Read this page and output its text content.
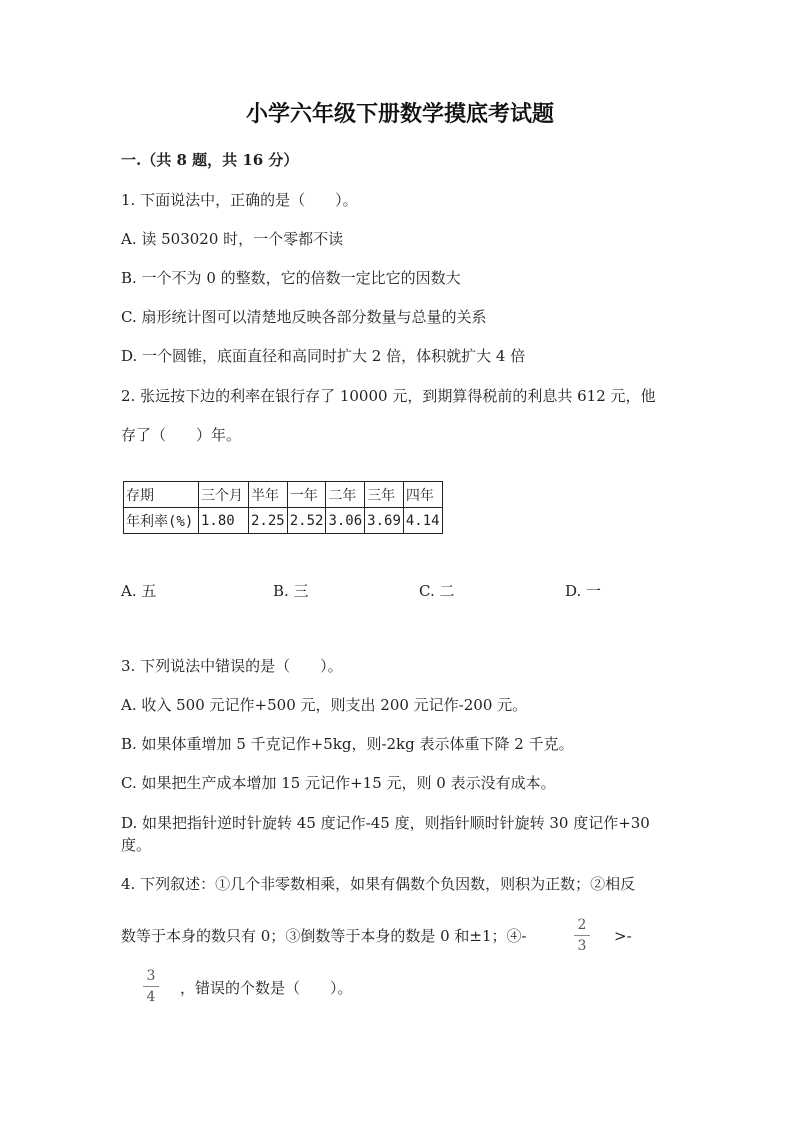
小学六年级下册数学摸底考试题
一.（共 8 题，共 16 分）
1. 下面说法中，正确的是（　　）。
A. 读 503020 时，一个零都不读
B. 一个不为 0 的整数，它的倍数一定比它的因数大
C. 扇形统计图可以清楚地反映各部分数量与总量的关系
D. 一个圆锥，底面直径和高同时扩大 2 倍，体积就扩大 4 倍
2. 张远按下边的利率在银行存了 10000 元，到期算得税前的利息共 612 元，他
存了（　　）年。
存期	三个月	半年	一年	二年	三年	四年
年利率(%)	1.80	2.25	2.52	3.06	3.69	4.14
A. 五	B. 三	C. 二	D. 一
3. 下列说法中错误的是（　　）。
A. 收入 500 元记作+500 元，则支出 200 元记作-200 元。
B. 如果体重增加 5 千克记作+5kg，则-2kg 表示体重下降 2 千克。
C. 如果把生产成本增加 15 元记作+15 元，则 0 表示没有成本。
D. 如果把指针逆时针旋转 45 度记作-45 度，则指针顺时针旋转 30 度记作+30
度。
4. 下列叙述：①几个非零数相乘，如果有偶数个负因数，则积为正数；②相反
数等于本身的数只有 0；③倒数等于本身的数是 0 和±1；④-
2
3
>-
3
4 ，错误的个数是（　　）。
